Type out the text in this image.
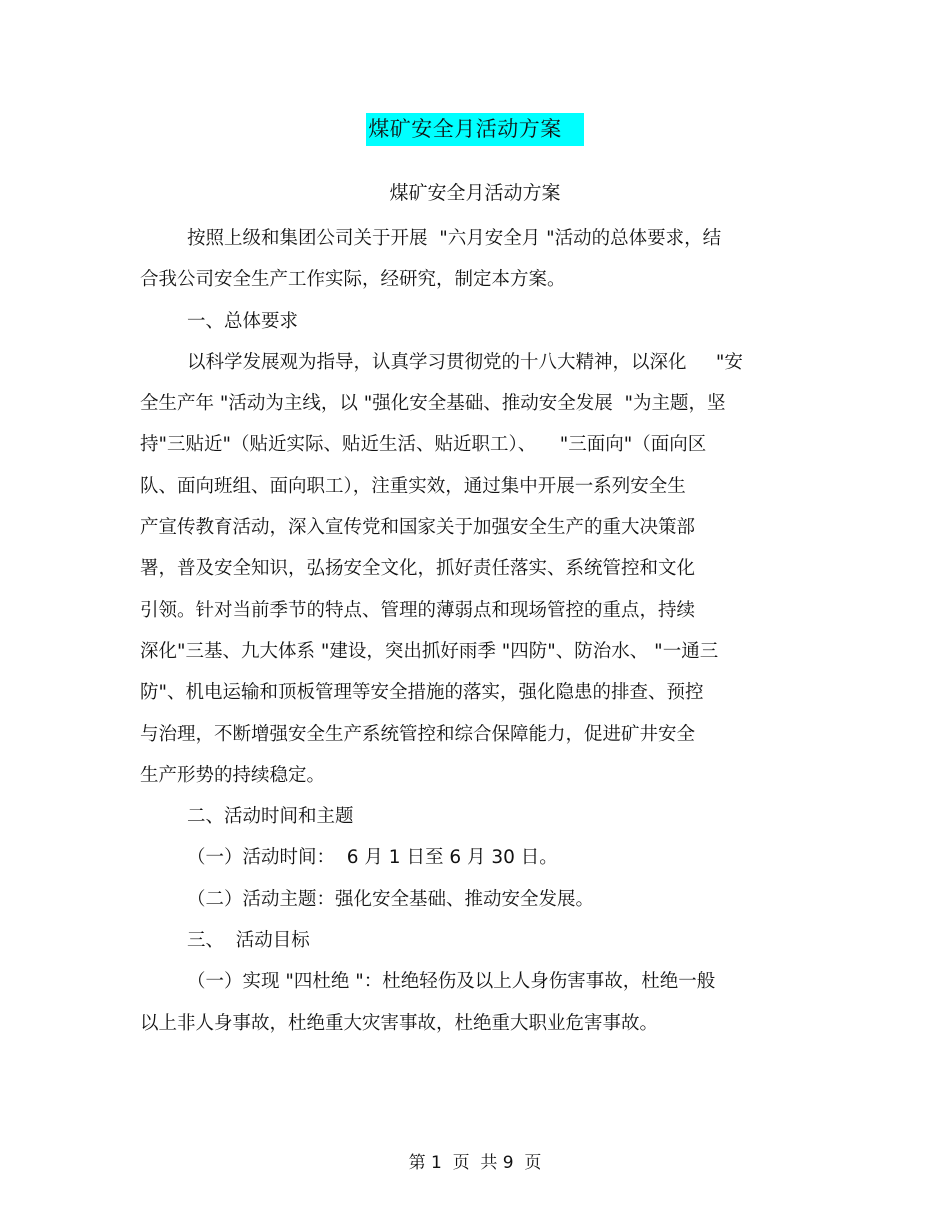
煤矿安全月活动方案
煤矿安全月活动方案
按照上级和集团公司关于开展  "六月安全月 "活动的总体要求，结
合我公司安全生产工作实际，经研究，制定本方案。
一、总体要求
以科学发展观为指导，认真学习贯彻党的十八大精神，以深化     "安
全生产年 "活动为主线，以 "强化安全基础、推动安全发展  "为主题，坚
持"三贴近"（贴近实际、贴近生活、贴近职工）、    "三面向"（面向区
队、面向班组、面向职工），注重实效，通过集中开展一系列安全生
产宣传教育活动，深入宣传党和国家关于加强安全生产的重大决策部
署，普及安全知识，弘扬安全文化，抓好责任落实、系统管控和文化
引领。针对当前季节的特点、管理的薄弱点和现场管控的重点，持续
深化"三基、九大体系 "建设，突出抓好雨季 "四防"、防治水、 "一通三
防"、机电运输和顶板管理等安全措施的落实，强化隐患的排查、预控
与治理，不断增强安全生产系统管控和综合保障能力，促进矿井安全
生产形势的持续稳定。
二、活动时间和主题
（一）活动时间：  6 月 1 日至 6 月 30 日。
（二）活动主题：强化安全基础、推动安全发展。
三、  活动目标
（一）实现 "四杜绝 "：杜绝轻伤及以上人身伤害事故，杜绝一般
以上非人身事故，杜绝重大灾害事故，杜绝重大职业危害事故。
第 1  页  共 9  页
